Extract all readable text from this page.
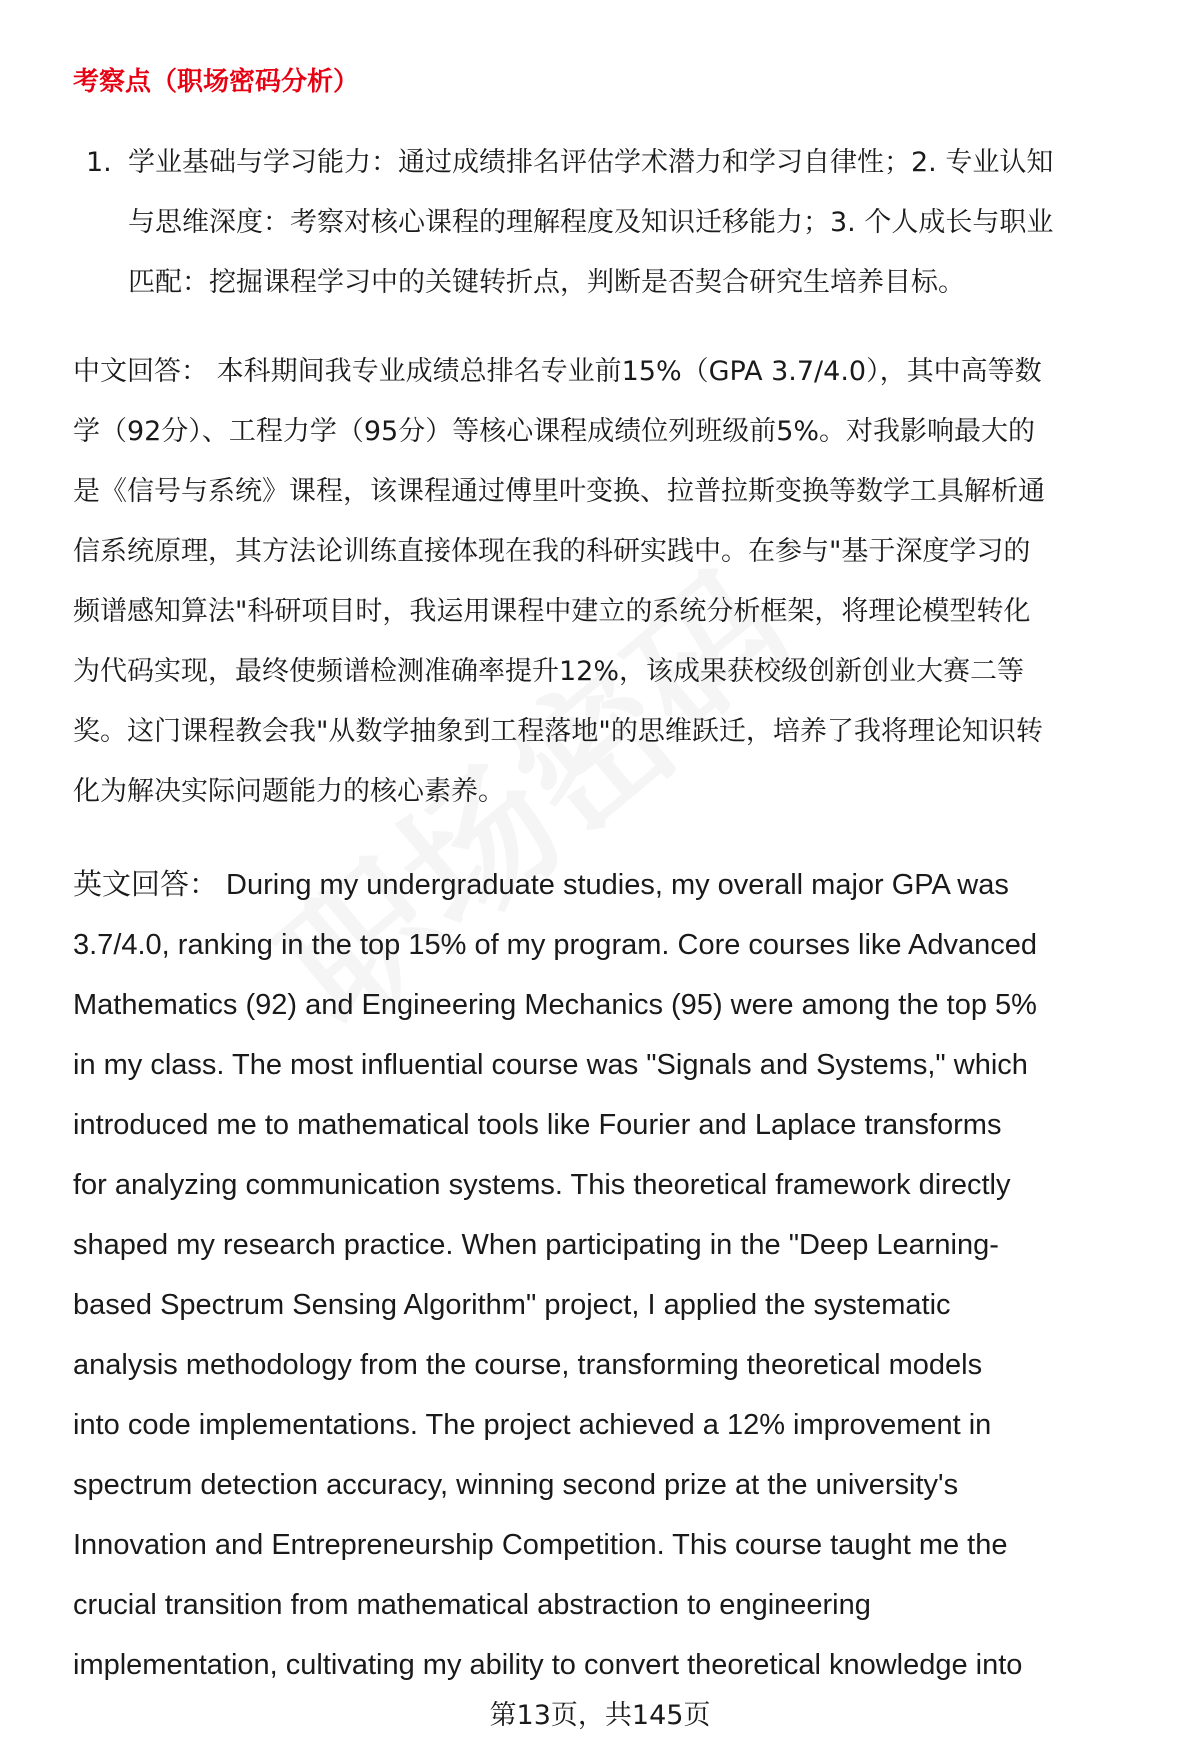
考察点（职场密码分析）
1. 学业基础与学习能力：通过成绩排名评估学术潜力和学习自律性；2. 专业认知
与思维深度：考察对核心课程的理解程度及知识迁移能力；3. 个人成长与职业
匹配：挖掘课程学习中的关键转折点，判断是否契合研究生培养目标。
中文回答： 本科期间我专业成绩总排名专业前15%（GPA 3.7/4.0），其中高等数
学（92分）、工程力学（95分）等核心课程成绩位列班级前5%。对我影响最大的
是《信号与系统》课程，该课程通过傅里叶变换、拉普拉斯变换等数学工具解析通
信系统原理，其方法论训练直接体现在我的科研实践中。在参与"基于深度学习的
频谱感知算法"科研项目时，我运用课程中建立的系统分析框架，将理论模型转化
为代码实现，最终使频谱检测准确率提升12%，该成果获校级创新创业大赛二等
奖。这门课程教会我"从数学抽象到工程落地"的思维跃迁，培养了我将理论知识转
化为解决实际问题能力的核心素养。
英文回答： During my undergraduate studies, my overall major GPA was
3.7/4.0, ranking in the top 15% of my program. Core courses like Advanced
Mathematics (92) and Engineering Mechanics (95) were among the top 5%
in my class. The most influential course was "Signals and Systems," which
introduced me to mathematical tools like Fourier and Laplace transforms
for analyzing communication systems. This theoretical framework directly
shaped my research practice. When participating in the "Deep Learning-
based Spectrum Sensing Algorithm" project, I applied the systematic
analysis methodology from the course, transforming theoretical models
into code implementations. The project achieved a 12% improvement in
spectrum detection accuracy, winning second prize at the university's
Innovation and Entrepreneurship Competition. This course taught me the
crucial transition from mathematical abstraction to engineering
implementation, cultivating my ability to convert theoretical knowledge into
第13页，共145页
